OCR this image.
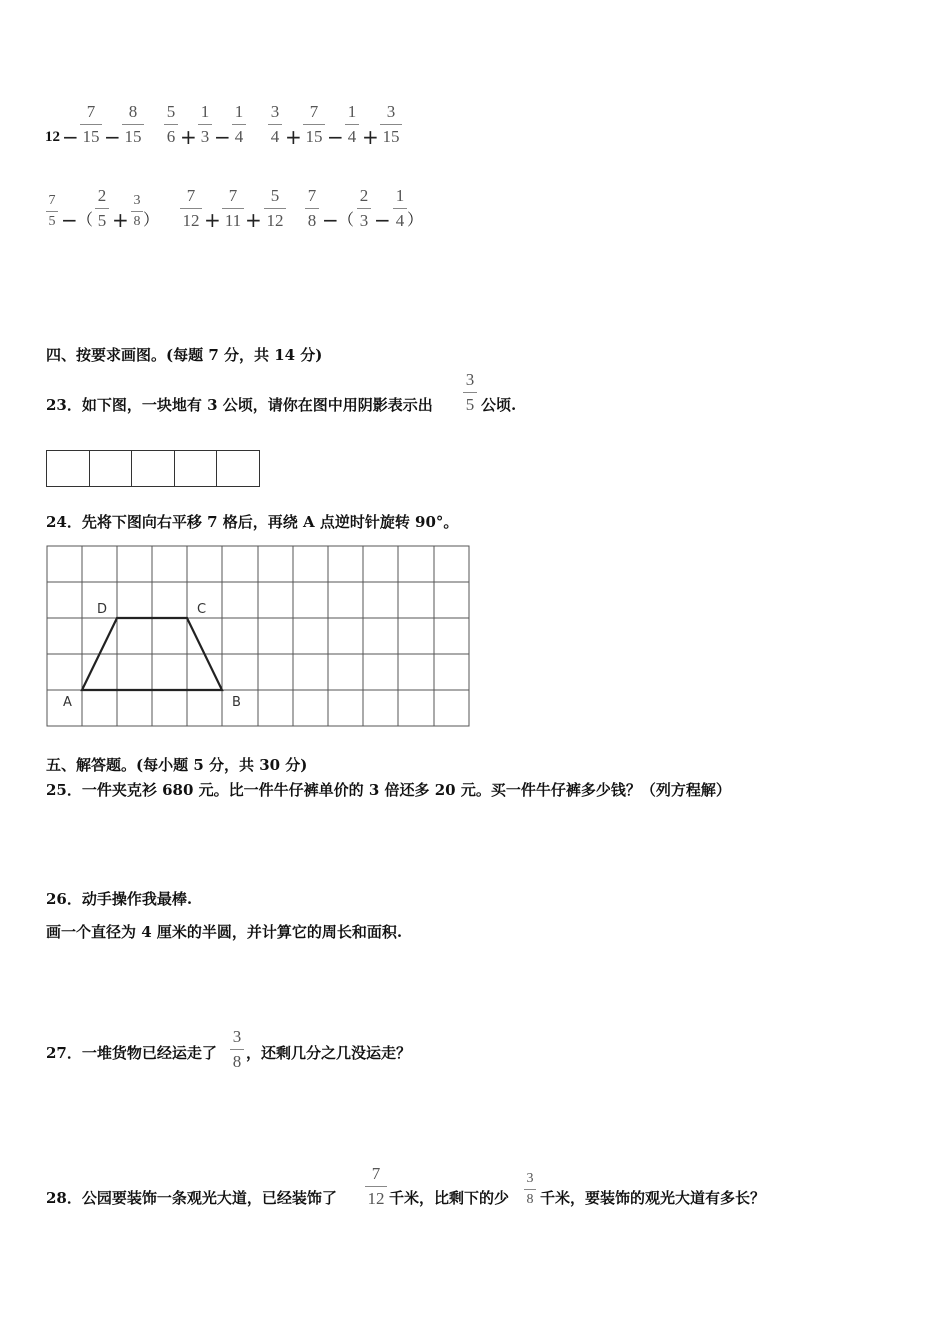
12 −
7
15 −
8
15
5
6 +
1
3 −
1
4
3
4 +
7
15 −
1
4 +
3
15
7
5 − （
2
5 +
3
8 ）
7
12 +
7
11 +
5
12
7
8 − （
2
3 −
1
4 ）
四、按要求画图。(每题 7 分，共 14 分)
23．如下图，一块地有 3 公顷，请你在图中用阴影表示出
3
5 公顷.
24．先将下图向右平移 7 格后，再绕 A 点逆时针旋转 90°。
A	B
C
D
五、解答题。(每小题 5 分，共 30 分)
25．一件夹克衫 680 元。比一件牛仔裤单价的 3 倍还多 20 元。买一件牛仔裤多少钱？（列方程解）
26．动手操作我最棒.
画一个直径为 4 厘米的半圆，并计算它的周长和面积.
27．一堆货物已经运走了
3
8 ，还剩几分之几没运走？
28．公园要装饰一条观光大道，已经装饰了
7
12 千米，比剩下的少
3
8 千米，要装饰的观光大道有多长？
